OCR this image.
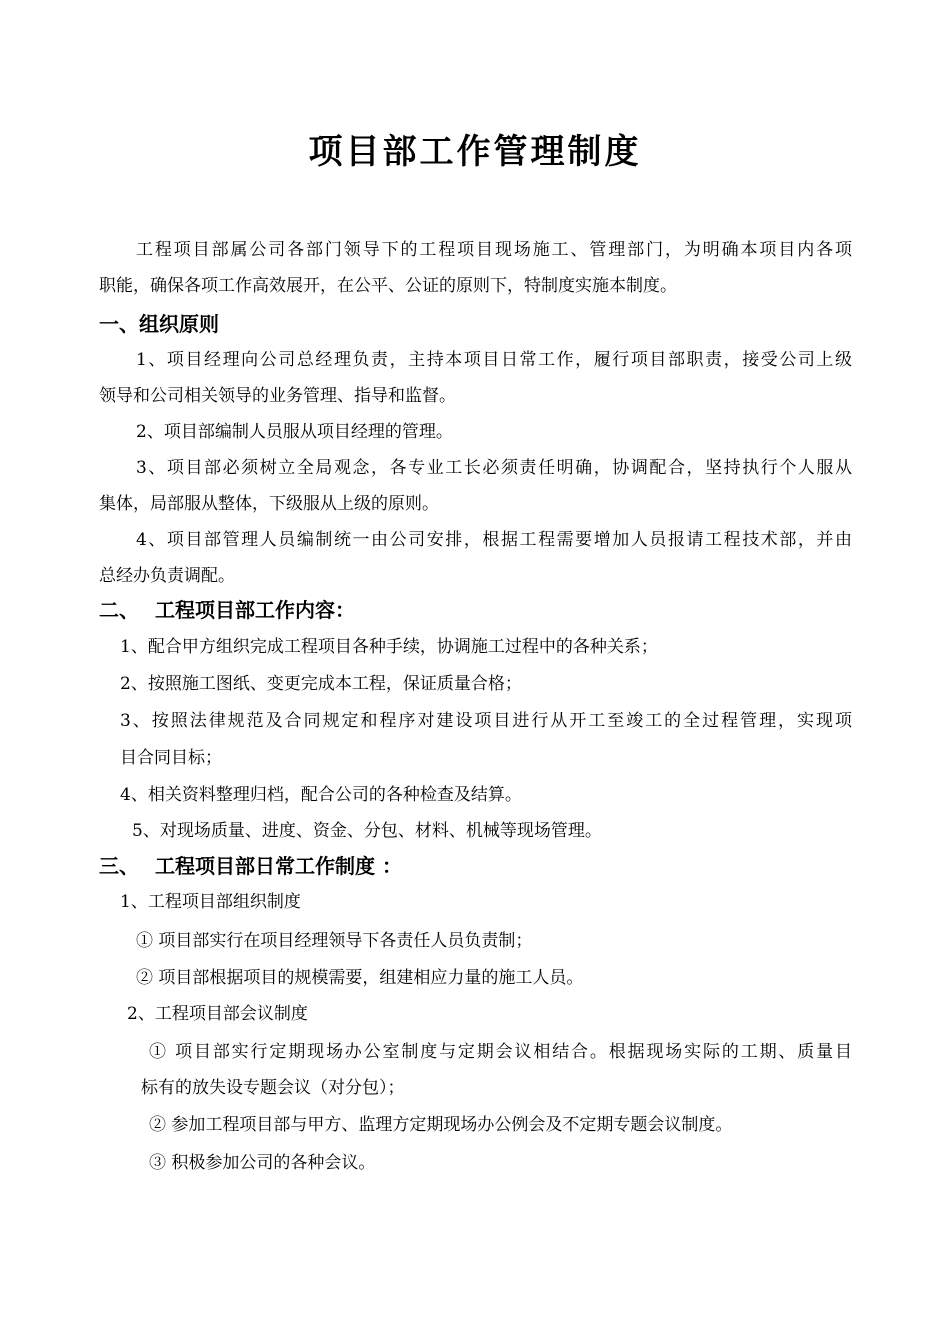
项目部工作管理制度
工程项目部属公司各部门领导下的工程项目现场施工、管理部门，为明确本项目内各项
职能，确保各项工作高效展开，在公平、公证的原则下，特制度实施本制度。
一、组织原则
1、项目经理向公司总经理负责，主持本项目日常工作，履行项目部职责，接受公司上级
领导和公司相关领导的业务管理、指导和监督。
2、项目部编制人员服从项目经理的管理。
3、项目部必须树立全局观念，各专业工长必须责任明确，协调配合，坚持执行个人服从
集体，局部服从整体，下级服从上级的原则。
4、项目部管理人员编制统一由公司安排，根据工程需要增加人员报请工程技术部，并由
总经办负责调配。
二、 工程项目部工作内容：
1、配合甲方组织完成工程项目各种手续，协调施工过程中的各种关系；
2、按照施工图纸、变更完成本工程，保证质量合格；
3、按照法律规范及合同规定和程序对建设项目进行从开工至竣工的全过程管理，实现项
目合同目标；
4、相关资料整理归档，配合公司的各种检查及结算。
5、对现场质量、进度、资金、分包、材料、机械等现场管理。
三、 工程项目部日常工作制度 ：
1、工程项目部组织制度
① 项目部实行在项目经理领导下各责任人员负责制；
② 项目部根据项目的规模需要，组建相应力量的施工人员。
2、工程项目部会议制度
① 项目部实行定期现场办公室制度与定期会议相结合。根据现场实际的工期、质量目
标有的放失设专题会议（对分包）；
② 参加工程项目部与甲方、监理方定期现场办公例会及不定期专题会议制度。
③ 积极参加公司的各种会议。
